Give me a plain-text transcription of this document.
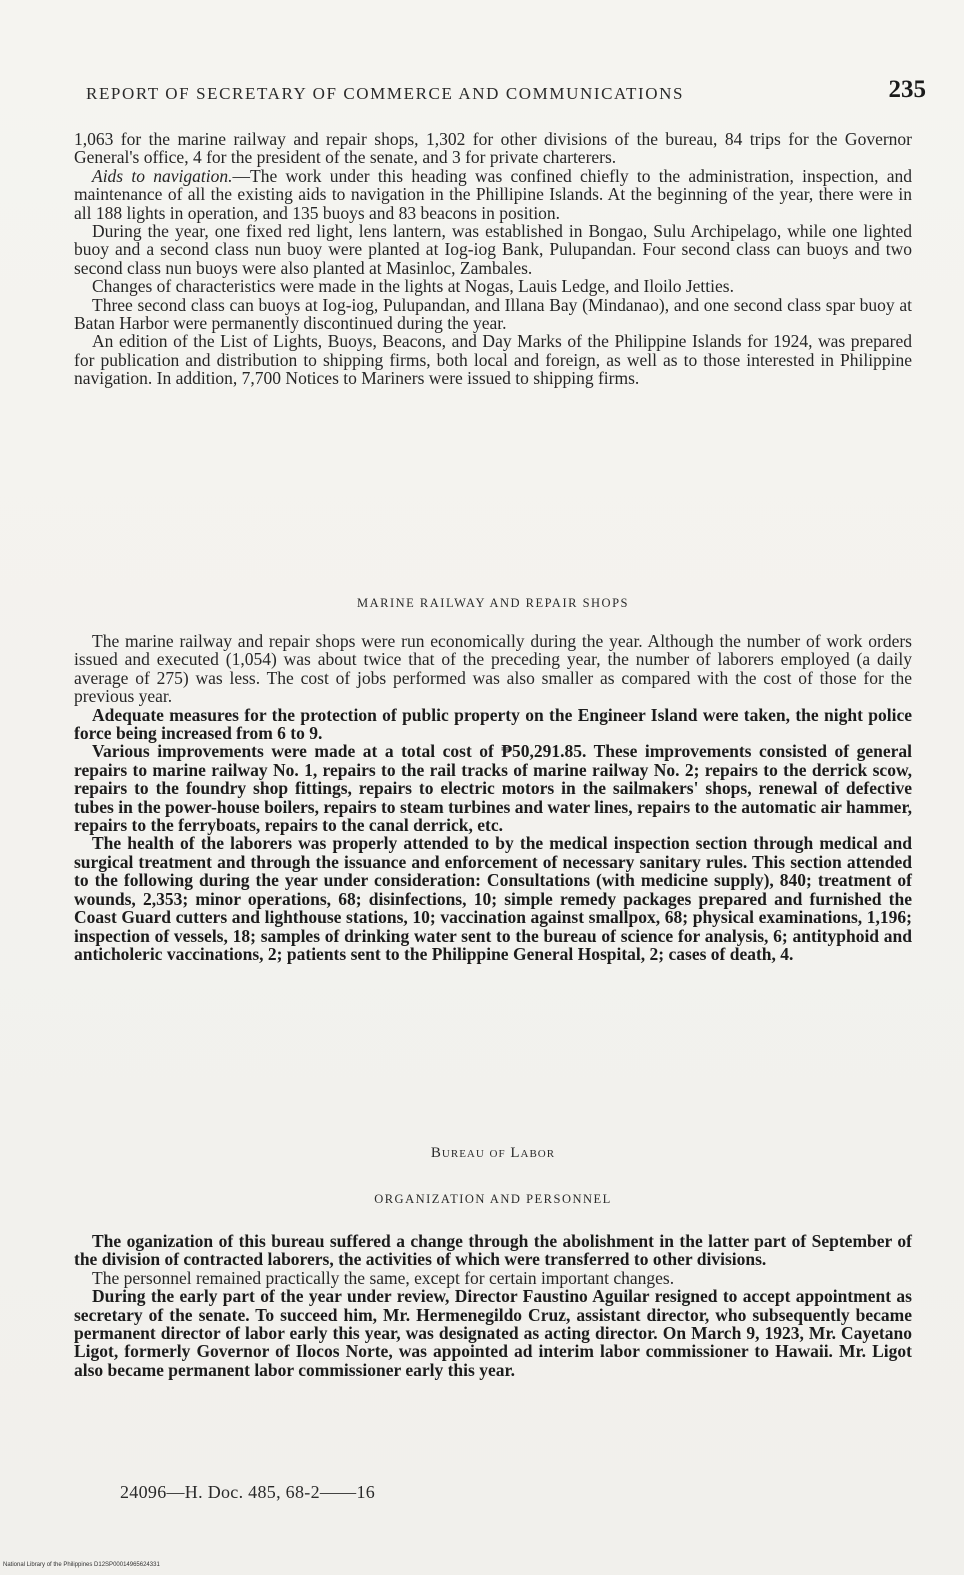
REPORT OF SECRETARY OF COMMERCE AND COMMUNICATIONS	235

1,063 for the marine railway and repair shops, 1,302 for other divisions of the bureau, 84 trips for the Governor General's office, 4 for the president of the senate, and 3 for private charterers.

Aids to navigation.—The work under this heading was confined chiefly to the administration, inspection, and maintenance of all the existing aids to navigation in the Phillipine Islands. At the beginning of the year, there were in all 188 lights in operation, and 135 buoys and 83 beacons in position.

During the year, one fixed red light, lens lantern, was established in Bongao, Sulu Archipelago, while one lighted buoy and a second class nun buoy were planted at Iog-iog Bank, Pulupandan. Four second class can buoys and two second class nun buoys were also planted at Masinloc, Zambales.

Changes of characteristics were made in the lights at Nogas, Lauis Ledge, and Iloilo Jetties.

Three second class can buoys at Iog-iog, Pulupandan, and Illana Bay (Mindanao), and one second class spar buoy at Batan Harbor were permanently discontinued during the year.

An edition of the List of Lights, Buoys, Beacons, and Day Marks of the Philippine Islands for 1924, was prepared for publication and distribution to shipping firms, both local and foreign, as well as to those interested in Philippine navigation. In addition, 7,700 Notices to Mariners were issued to shipping firms.

MARINE RAILWAY AND REPAIR SHOPS

The marine railway and repair shops were run economically during the year. Although the number of work orders issued and executed (1,054) was about twice that of the preceding year, the number of laborers employed (a daily average of 275) was less. The cost of jobs performed was also smaller as compared with the cost of those for the previous year.

Adequate measures for the protection of public property on the Engineer Island were taken, the night police force being increased from 6 to 9.

Various improvements were made at a total cost of ₱50,291.85. These improvements consisted of general repairs to marine railway No. 1, repairs to the rail tracks of marine railway No. 2; repairs to the derrick scow, repairs to the foundry shop fittings, repairs to electric motors in the sailmakers' shops, renewal of defective tubes in the power-house boilers, repairs to steam turbines and water lines, repairs to the automatic air hammer, repairs to the ferryboats, repairs to the canal derrick, etc.

The health of the laborers was properly attended to by the medical inspection section through medical and surgical treatment and through the issuance and enforcement of necessary sanitary rules. This section attended to the following during the year under consideration: Consultations (with medicine supply), 840; treatment of wounds, 2,353; minor operations, 68; disinfections, 10; simple remedy packages prepared and furnished the Coast Guard cutters and lighthouse stations, 10; vaccination against smallpox, 68; physical examinations, 1,196; inspection of vessels, 18; samples of drinking water sent to the bureau of science for analysis, 6; antityphoid and anticholeric vaccinations, 2; patients sent to the Philippine General Hospital, 2; cases of death, 4.

Bureau of Labor
ORGANIZATION AND PERSONNEL

The oganization of this bureau suffered a change through the abolishment in the latter part of September of the division of contracted laborers, the activities of which were transferred to other divisions.

The personnel remained practically the same, except for certain important changes.

During the early part of the year under review, Director Faustino Aguilar resigned to accept appointment as secretary of the senate. To succeed him, Mr. Hermenegildo Cruz, assistant director, who subsequently became permanent director of labor early this year, was designated as acting director. On March 9, 1923, Mr. Cayetano Ligot, formerly Governor of Ilocos Norte, was appointed ad interim labor commissioner to Hawaii. Mr. Ligot also became permanent labor commissioner early this year.

24096—H. Doc. 485, 68-2——16
National Library of the Philippines D12SP00014965624331
